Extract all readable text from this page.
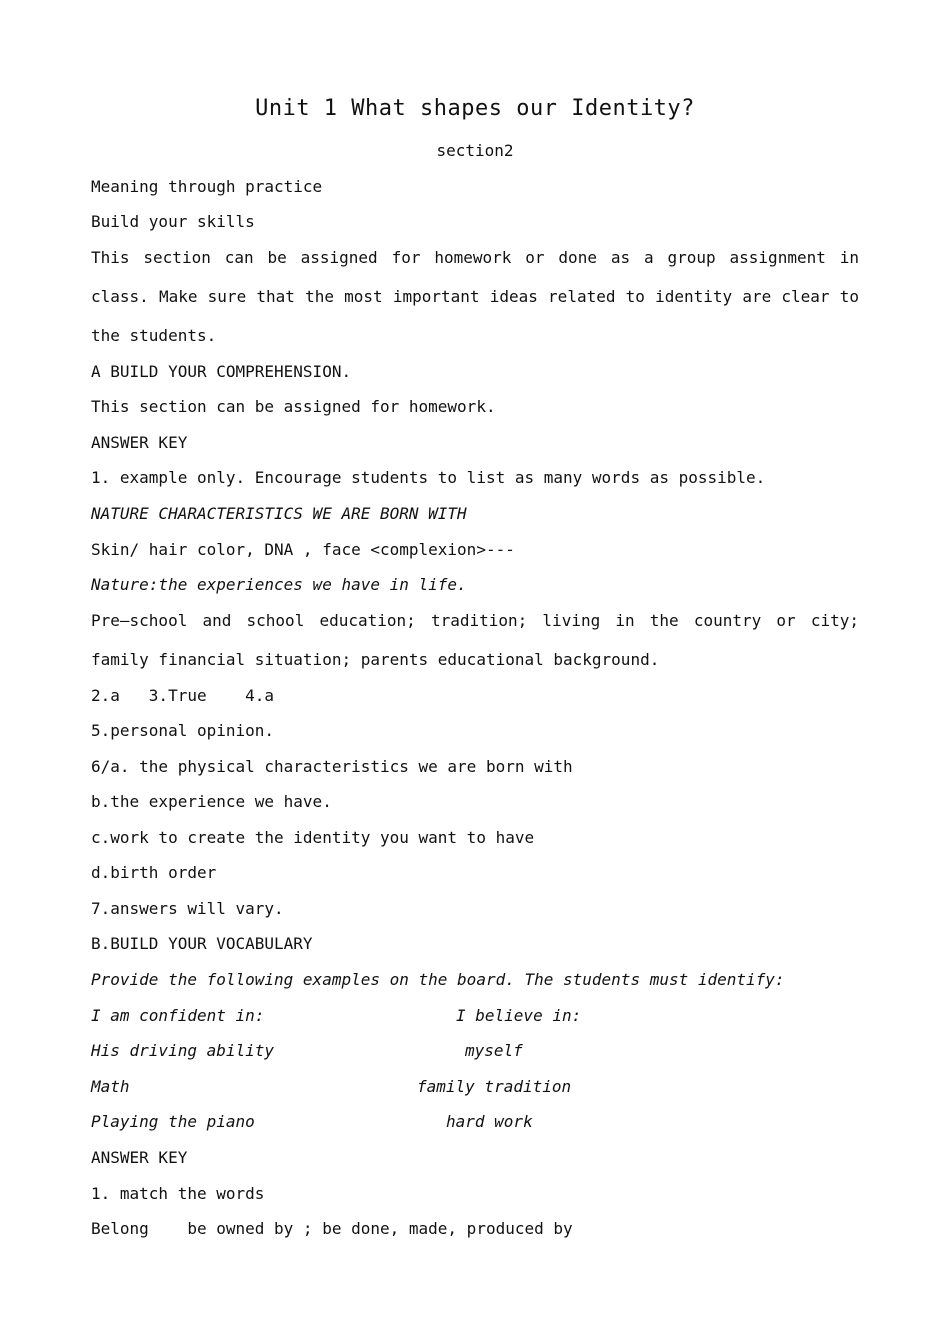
Unit 1 What shapes our Identity?
section2
Meaning through practice
Build your skills
This section can be assigned for homework or done as a group assignment in
class. Make sure that the most important ideas related to identity are clear to
the students.
A BUILD YOUR COMPREHENSION.
This section can be assigned for homework.
ANSWER KEY
1. example only. Encourage students to list as many words as possible.
NATURE CHARACTERISTICS WE ARE BORN WITH
Skin/ hair color, DNA , face <complexion>---
Nature:the experiences we have in life.
Pre—school and school education; tradition; living in the country or city;
family financial situation; parents educational background.
2.a   3.True    4.a
5.personal opinion.
6/a. the physical characteristics we are born with
b.the experience we have.
c.work to create the identity you want to have
d.birth order
7.answers will vary.
B.BUILD YOUR VOCABULARY
Provide the following examples on the board. The students must identify:
I am confident in:	I believe in:
His driving ability	myself
Math	family tradition
Playing the piano	hard work
ANSWER KEY
1. match the words
Belong    be owned by ; be done, made, produced by
